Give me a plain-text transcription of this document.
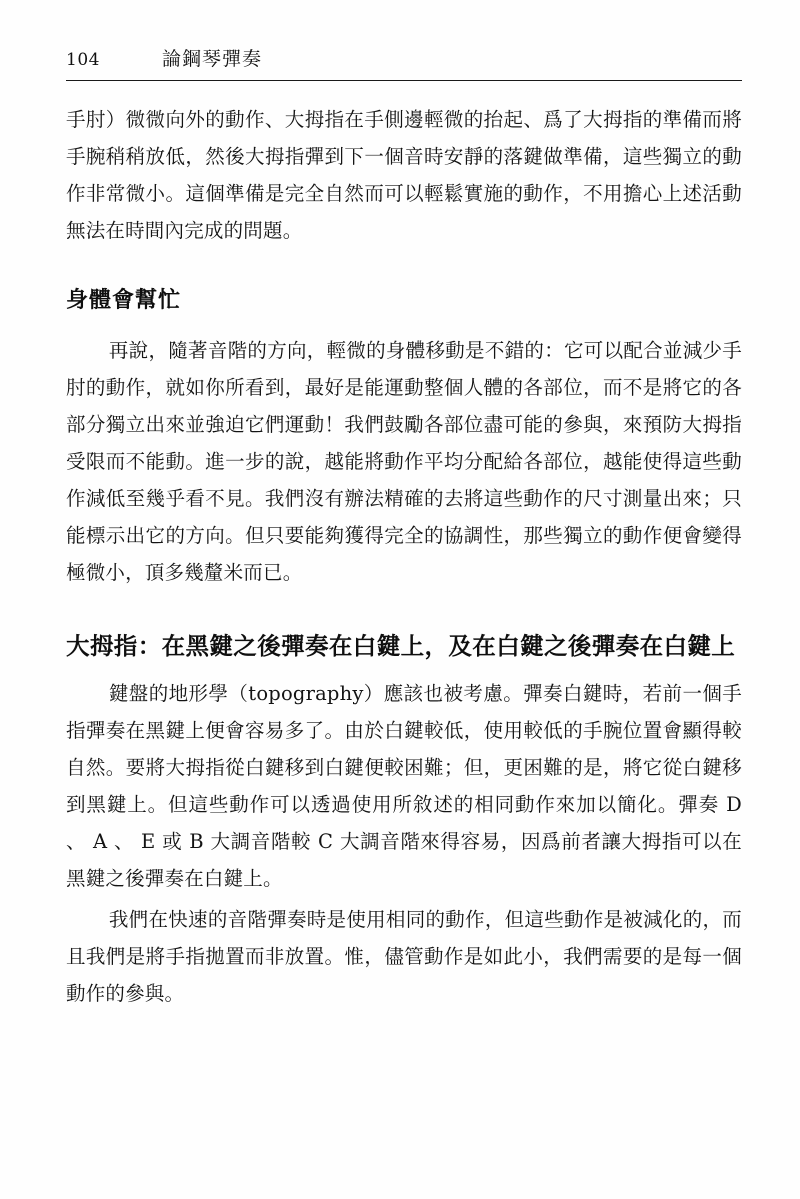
104	論鋼琴彈奏

手肘）微微向外的動作、大拇指在手側邊輕微的抬起、爲了大拇指的準備而將手腕稍稍放低，然後大拇指彈到下一個音時安靜的落鍵做準備，這些獨立的動作非常微小。這個準備是完全自然而可以輕鬆實施的動作，不用擔心上述活動無法在時間內完成的問題。

身體會幫忙

再說，隨著音階的方向，輕微的身體移動是不錯的：它可以配合並減少手肘的動作，就如你所看到，最好是能運動整個人體的各部位，而不是將它的各部分獨立出來並強迫它們運動！我們鼓勵各部位盡可能的參與，來預防大拇指受限而不能動。進一步的說，越能將動作平均分配給各部位，越能使得這些動作減低至幾乎看不見。我們沒有辦法精確的去將這些動作的尺寸測量出來；只能標示出它的方向。但只要能夠獲得完全的協調性，那些獨立的動作便會變得極微小，頂多幾釐米而已。

大拇指：在黑鍵之後彈奏在白鍵上，及在白鍵之後彈奏在白鍵上

鍵盤的地形學（topography）應該也被考慮。彈奏白鍵時，若前一個手指彈奏在黑鍵上便會容易多了。由於白鍵較低，使用較低的手腕位置會顯得較自然。要將大拇指從白鍵移到白鍵便較困難；但，更困難的是，將它從白鍵移到黑鍵上。但這些動作可以透過使用所敘述的相同動作來加以簡化。彈奏 D 、 A 、 E 或 B 大調音階較 C 大調音階來得容易，因爲前者讓大拇指可以在黑鍵之後彈奏在白鍵上。

我們在快速的音階彈奏時是使用相同的動作，但這些動作是被減化的，而且我們是將手指拋置而非放置。惟，儘管動作是如此小，我們需要的是每一個動作的參與。
